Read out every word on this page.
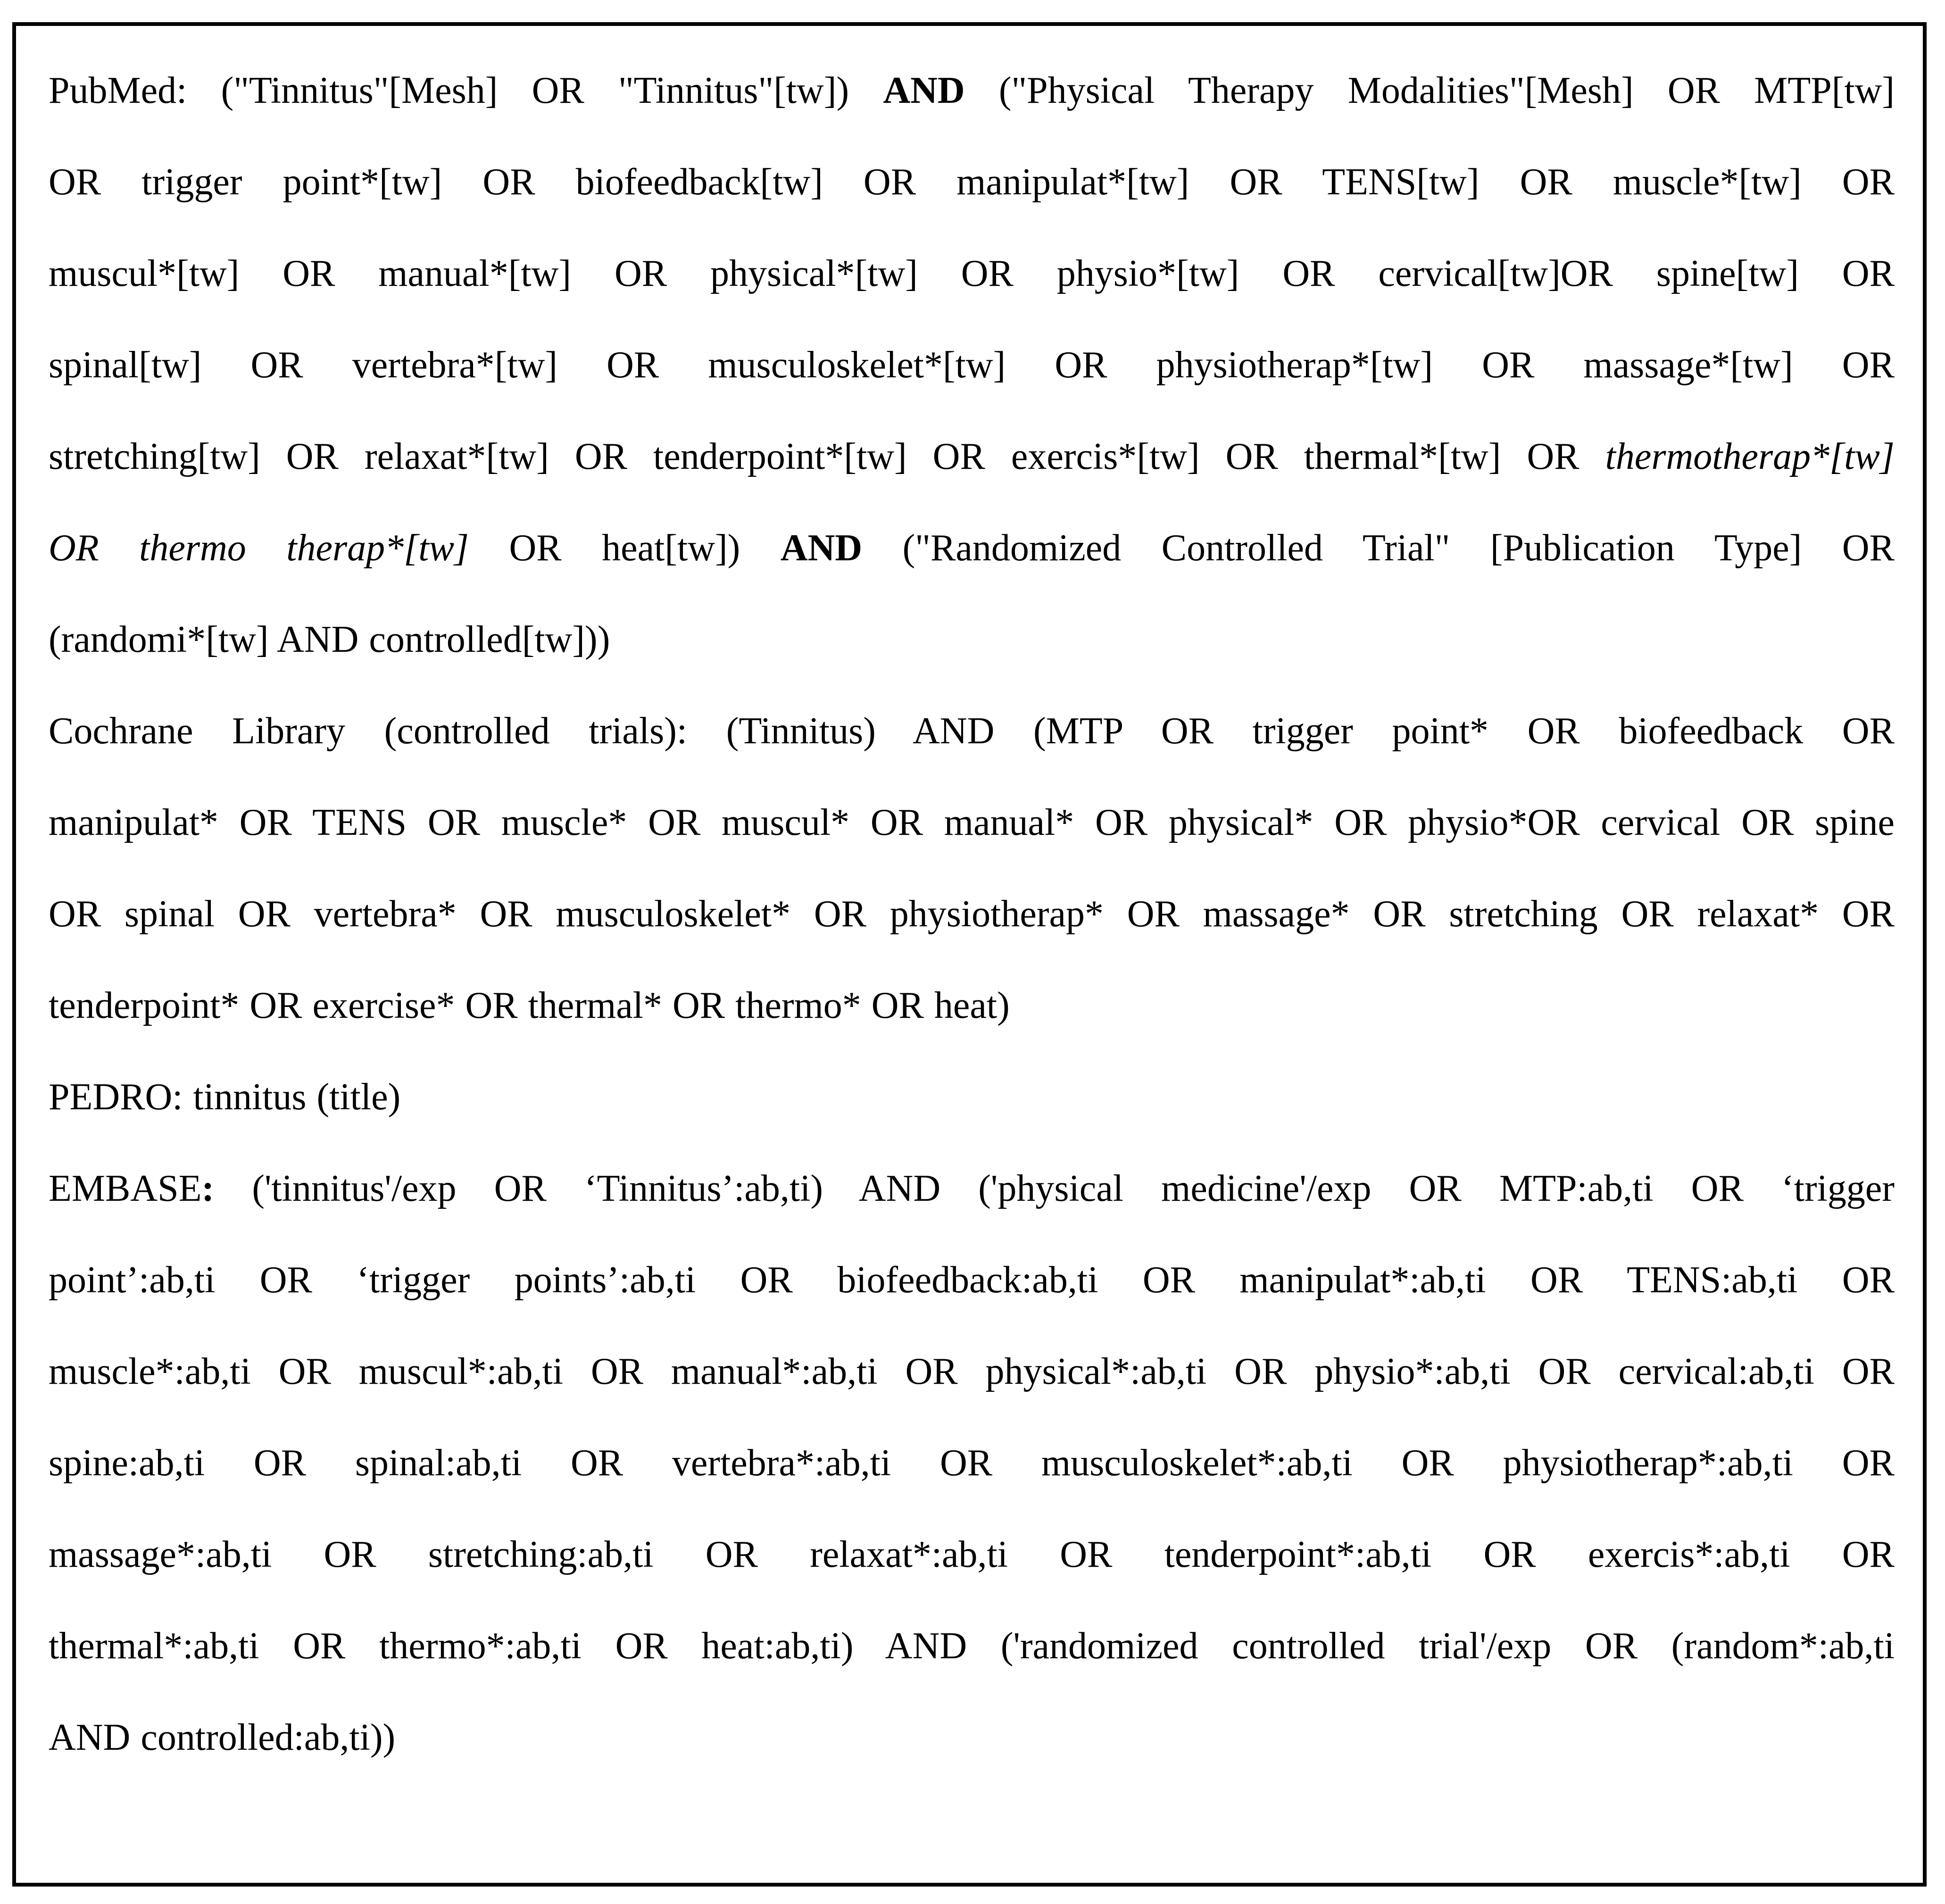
PubMed: ("Tinnitus"[Mesh] OR "Tinnitus"[tw]) AND ("Physical Therapy Modalities"[Mesh] OR MTP[tw]
OR trigger point*[tw] OR biofeedback[tw] OR manipulat*[tw] OR TENS[tw] OR muscle*[tw] OR
muscul*[tw] OR manual*[tw] OR physical*[tw] OR physio*[tw] OR cervical[tw]OR spine[tw] OR
spinal[tw] OR vertebra*[tw] OR musculoskelet*[tw] OR physiotherap*[tw] OR massage*[tw] OR
stretching[tw] OR relaxat*[tw] OR tenderpoint*[tw] OR exercis*[tw] OR thermal*[tw] OR thermotherap*[tw]
OR thermo therap*[tw] OR heat[tw]) AND ("Randomized Controlled Trial" [Publication Type] OR
(randomi*[tw] AND controlled[tw]))
Cochrane Library (controlled trials): (Tinnitus) AND (MTP OR trigger point* OR biofeedback OR
manipulat* OR TENS OR muscle* OR muscul* OR manual* OR physical* OR physio*OR cervical OR spine
OR spinal OR vertebra* OR musculoskelet* OR physiotherap* OR massage* OR stretching OR relaxat* OR
tenderpoint* OR exercise* OR thermal* OR thermo* OR heat)
PEDRO: tinnitus (title)
EMBASE: ('tinnitus'/exp OR ‘Tinnitus’:ab,ti) AND ('physical medicine'/exp OR MTP:ab,ti OR ‘trigger
point’:ab,ti OR ‘trigger points’:ab,ti OR biofeedback:ab,ti OR manipulat*:ab,ti OR TENS:ab,ti OR
muscle*:ab,ti OR muscul*:ab,ti OR manual*:ab,ti OR physical*:ab,ti OR physio*:ab,ti OR cervical:ab,ti OR
spine:ab,ti OR spinal:ab,ti OR vertebra*:ab,ti OR musculoskelet*:ab,ti OR physiotherap*:ab,ti OR
massage*:ab,ti OR stretching:ab,ti OR relaxat*:ab,ti OR tenderpoint*:ab,ti OR exercis*:ab,ti OR
thermal*:ab,ti OR thermo*:ab,ti OR heat:ab,ti) AND ('randomized controlled trial'/exp OR (random*:ab,ti
AND controlled:ab,ti))
